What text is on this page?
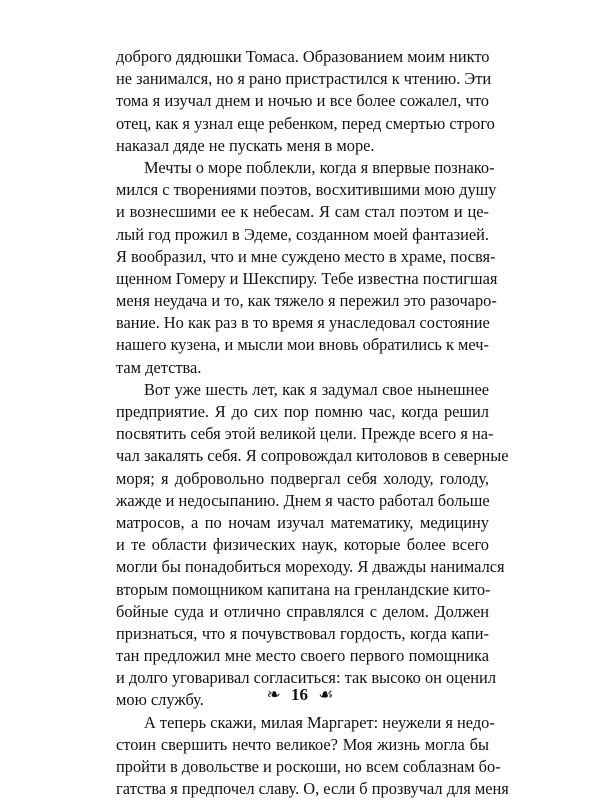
доброго дядюшки Томаса. Образованием моим никто
не занимался, но я рано пристрастился к чтению. Эти
тома я изучал днем и ночью и все более сожалел, что
отец, как я узнал еще ребенком, перед смертью строго
наказал дяде не пускать меня в море.
Мечты о море поблекли, когда я впервые познако-
мился с творениями поэтов, восхитившими мою душу
и вознесшими ее к небесам. Я сам стал поэтом и це-
лый год прожил в Эдеме, созданном моей фантазией.
Я вообразил, что и мне суждено место в храме, посвя-
щенном Гомеру и Шекспиру. Тебе известна постигшая
меня неудача и то, как тяжело я пережил это разочаро-
вание. Но как раз в то время я унаследовал состояние
нашего кузена, и мысли мои вновь обратились к меч-
там детства.
Вот уже шесть лет, как я задумал свое нынешнее
предприятие. Я до сих пор помню час, когда решил
посвятить себя этой великой цели. Прежде всего я на-
чал закалять себя. Я сопровождал китоловов в северные
моря; я добровольно подвергал себя холоду, голоду,
жажде и недосыпанию. Днем я часто работал больше
матросов, а по ночам изучал математику, медицину
и те области физических наук, которые более всего
могли бы понадобиться мореходу. Я дважды нанимался
вторым помощником капитана на гренландские кито-
бойные суда и отлично справлялся с делом. Должен
признаться, что я почувствовал гордость, когда капи-
тан предложил мне место своего первого помощника
и долго уговаривал согласиться: так высоко он оценил
мою службу.
А теперь скажи, милая Маргарет: неужели я недо-
стоин свершить нечто великое? Моя жизнь могла бы
пройти в довольстве и роскоши, но всем соблазнам бо-
гатства я предпочел славу. О, если б прозвучал для меня
❧ 16 ☙
